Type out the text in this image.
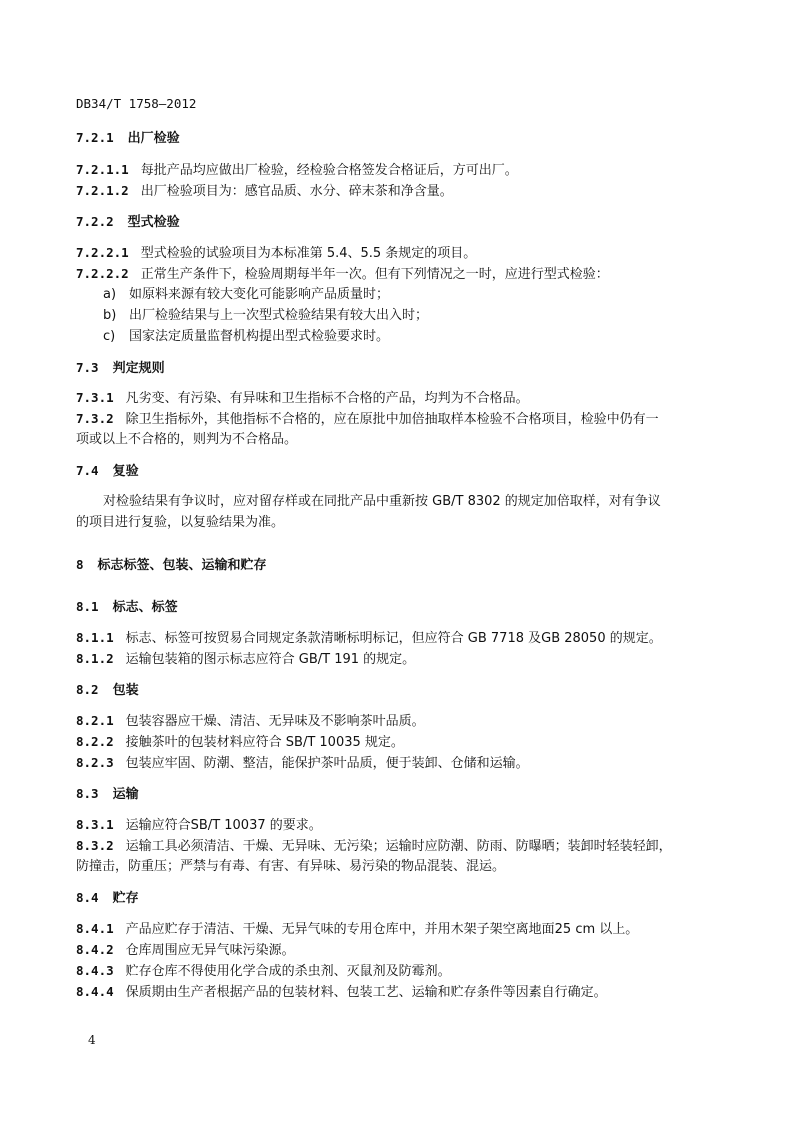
DB34/T 1758—2012
7.2.1 出厂检验
7.2.1.1 每批产品均应做出厂检验，经检验合格签发合格证后，方可出厂。
7.2.1.2 出厂检验项目为：感官品质、水分、碎末茶和净含量。
7.2.2 型式检验
7.2.2.1 型式检验的试验项目为本标准第 5.4、5.5 条规定的项目。
7.2.2.2 正常生产条件下，检验周期每半年一次。但有下列情况之一时，应进行型式检验：
a) 如原料来源有较大变化可能影响产品质量时；
b) 出厂检验结果与上一次型式检验结果有较大出入时；
c) 国家法定质量监督机构提出型式检验要求时。
7.3 判定规则
7.3.1 凡劣变、有污染、有异味和卫生指标不合格的产品，均判为不合格品。
7.3.2 除卫生指标外，其他指标不合格的，应在原批中加倍抽取样本检验不合格项目，检验中仍有一
项或以上不合格的，则判为不合格品。
7.4 复验
对检验结果有争议时，应对留存样或在同批产品中重新按 GB/T 8302 的规定加倍取样，对有争议
的项目进行复验，以复验结果为准。
8 标志标签、包装、运输和贮存
8.1 标志、标签
8.1.1 标志、标签可按贸易合同规定条款清晰标明标记，但应符合 GB 7718 及GB 28050 的规定。
8.1.2 运输包装箱的图示标志应符合 GB/T 191 的规定。
8.2 包装
8.2.1 包装容器应干燥、清洁、无异味及不影响茶叶品质。
8.2.2 接触茶叶的包装材料应符合 SB/T 10035 规定。
8.2.3 包装应牢固、防潮、整洁，能保护茶叶品质，便于装卸、仓储和运输。
8.3 运输
8.3.1 运输应符合SB/T 10037 的要求。
8.3.2 运输工具必须清洁、干燥、无异味、无污染；运输时应防潮、防雨、防曝晒；装卸时轻装轻卸，
防撞击，防重压；严禁与有毒、有害、有异味、易污染的物品混装、混运。
8.4 贮存
8.4.1 产品应贮存于清洁、干燥、无异气味的专用仓库中，并用木架子架空离地面25 cm 以上。
8.4.2 仓库周围应无异气味污染源。
8.4.3 贮存仓库不得使用化学合成的杀虫剂、灭鼠剂及防霉剂。
8.4.4 保质期由生产者根据产品的包装材料、包装工艺、运输和贮存条件等因素自行确定。
4
